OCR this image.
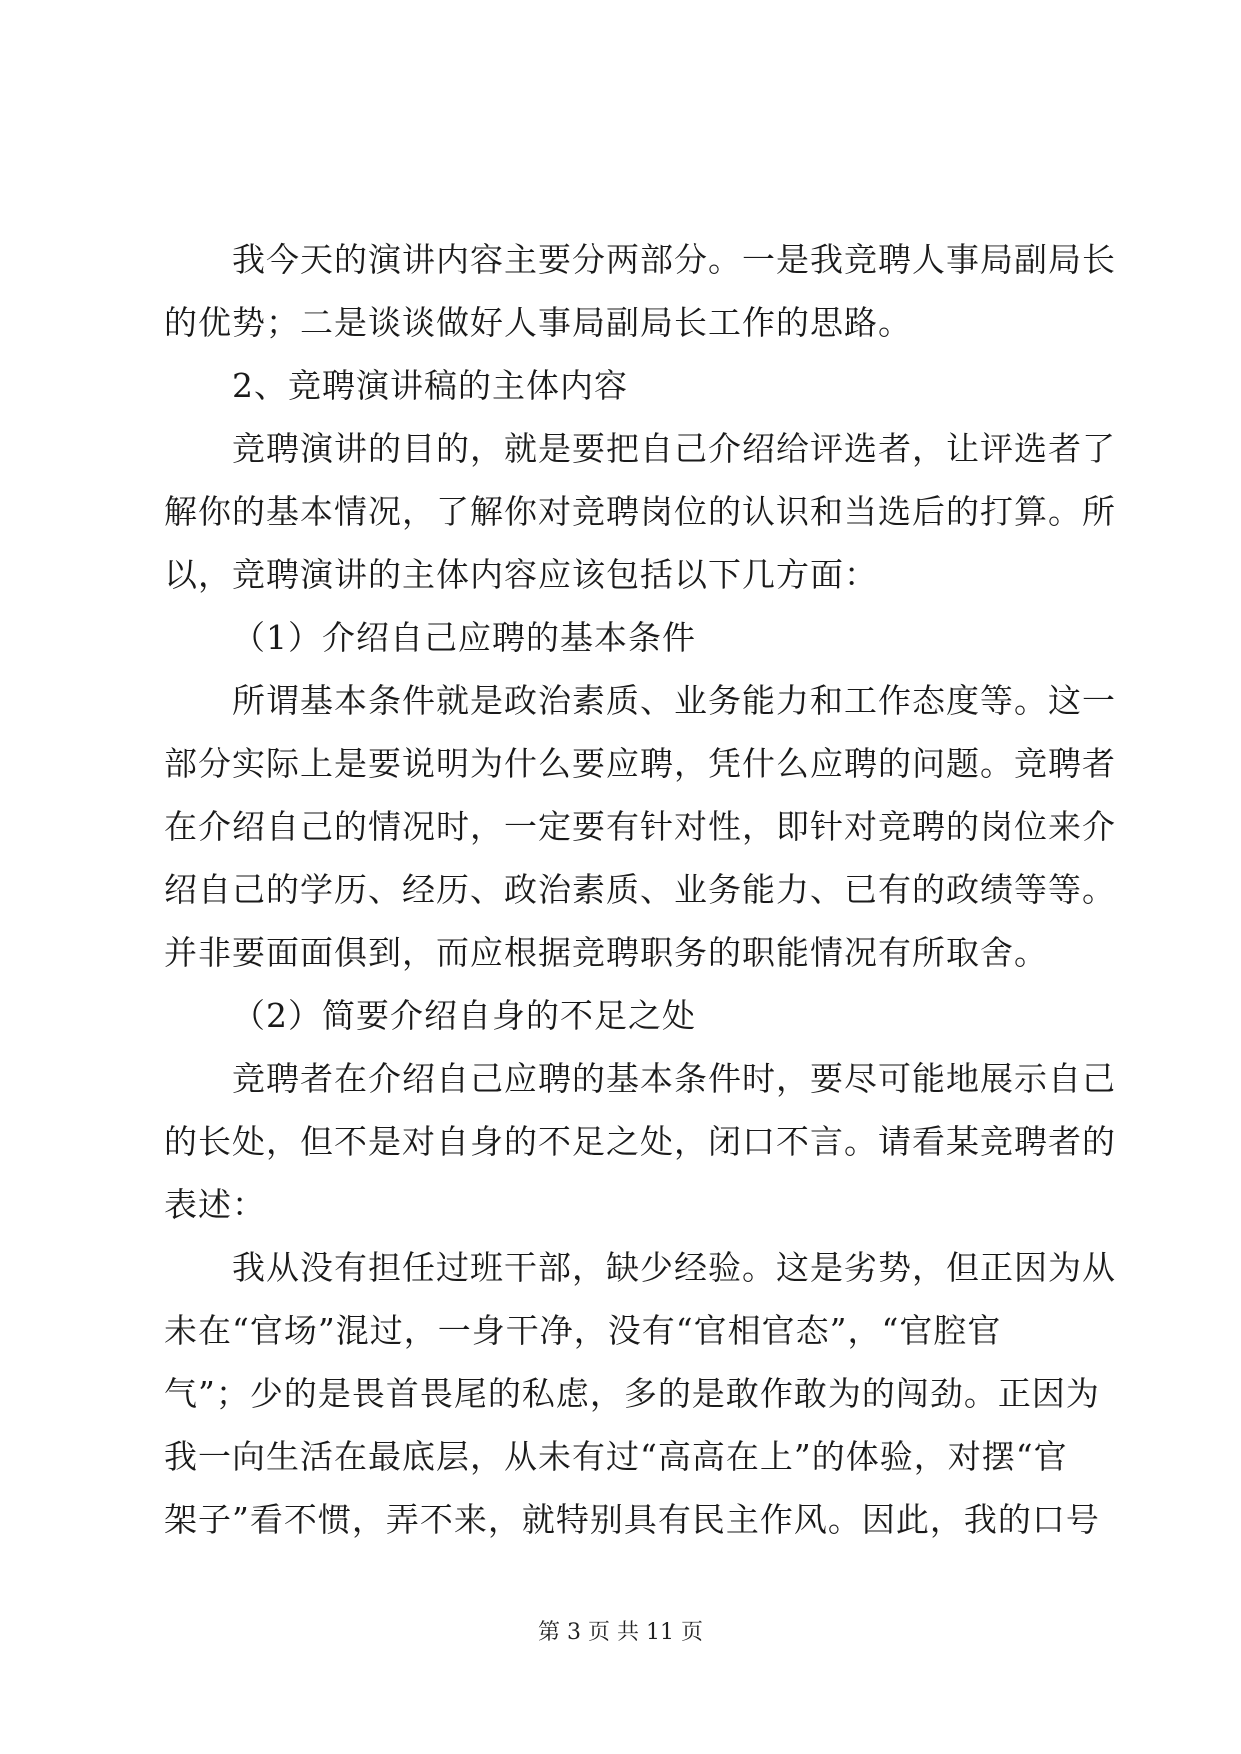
我今天的演讲内容主要分两部分。一是我竞聘人事局副局长
的优势；二是谈谈做好人事局副局长工作的思路。
2、竞聘演讲稿的主体内容
竞聘演讲的目的，就是要把自己介绍给评选者，让评选者了
解你的基本情况，了解你对竞聘岗位的认识和当选后的打算。所
以，竞聘演讲的主体内容应该包括以下几方面：
（1）介绍自己应聘的基本条件
所谓基本条件就是政治素质、业务能力和工作态度等。这一
部分实际上是要说明为什么要应聘，凭什么应聘的问题。竞聘者
在介绍自己的情况时，一定要有针对性，即针对竞聘的岗位来介
绍自己的学历、经历、政治素质、业务能力、已有的政绩等等。
并非要面面俱到，而应根据竞聘职务的职能情况有所取舍。
（2）简要介绍自身的不足之处
竞聘者在介绍自己应聘的基本条件时，要尽可能地展示自己
的长处，但不是对自身的不足之处，闭口不言。请看某竞聘者的
表述：
我从没有担任过班干部，缺少经验。这是劣势，但正因为从
未在“官场”混过，一身干净，没有“官相官态”，“官腔官
气”；少的是畏首畏尾的私虑，多的是敢作敢为的闯劲。正因为
我一向生活在最底层，从未有过“高高在上”的体验，对摆“官
架子”看不惯，弄不来，就特别具有民主作风。因此，我的口号
第 3 页 共 11 页
